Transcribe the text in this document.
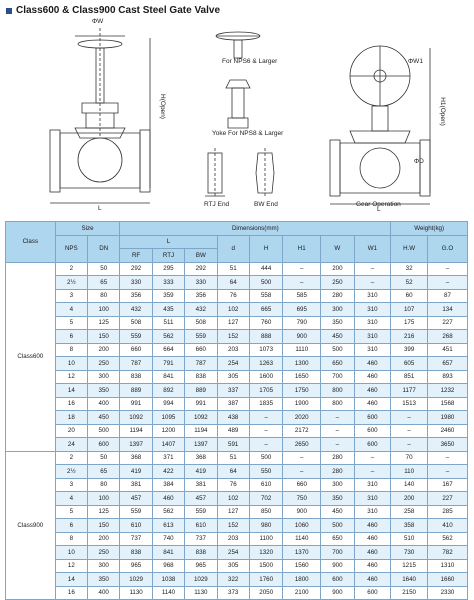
Class600 & Class900 Cast Steel Gate Valve
ΦW
H(Open)
L
For NPS6 & Larger
Yoke For NPS8 & Larger
RTJ End	BW End
ΦW1
H1(Open)
L
ΦD
Gear Operation
Class	Size		Dimensions(mm)								Weight(kg)	
	NPS	DN	L			d	H	H1	W	W1	H.W	G.O
			RF	RTJ	BW							
Class600	2	50	292	295	292	51	444	–	200	–	32	–
	2½	65	330	333	330	64	500	–	250	–	52	–
	3	80	356	359	356	76	558	585	280	310	60	87
	4	100	432	435	432	102	665	695	300	310	107	134
	5	125	508	511	508	127	760	790	350	310	175	227
	6	150	559	562	559	152	888	900	450	310	216	268
	8	200	660	664	660	203	1073	1110	500	310	399	451
	10	250	787	791	787	254	1263	1300	650	460	605	657
	12	300	838	841	838	305	1600	1650	700	460	851	893
	14	350	889	892	889	337	1705	1750	800	460	1177	1232
	16	400	991	994	991	387	1835	1900	800	460	1513	1568
	18	450	1092	1095	1092	438	–	2020	–	600	–	1980
	20	500	1194	1200	1194	489	–	2172	–	600	–	2460
	24	600	1397	1407	1397	591	–	2650	–	600	–	3650
Class900	2	50	368	371	368	51	500	–	280	–	70	–
	2½	65	419	422	419	64	550	–	280	–	110	–
	3	80	381	384	381	76	610	660	300	310	140	167
	4	100	457	460	457	102	702	750	350	310	200	227
	5	125	559	562	559	127	850	900	450	310	258	285
	6	150	610	613	610	152	980	1060	500	460	358	410
	8	200	737	740	737	203	1100	1140	650	460	510	562
	10	250	838	841	838	254	1320	1370	700	460	730	782
	12	300	965	968	965	305	1500	1560	900	460	1215	1310
	14	350	1029	1038	1029	322	1760	1800	600	460	1640	1660
	16	400	1130	1140	1130	373	2050	2100	900	600	2150	2330
